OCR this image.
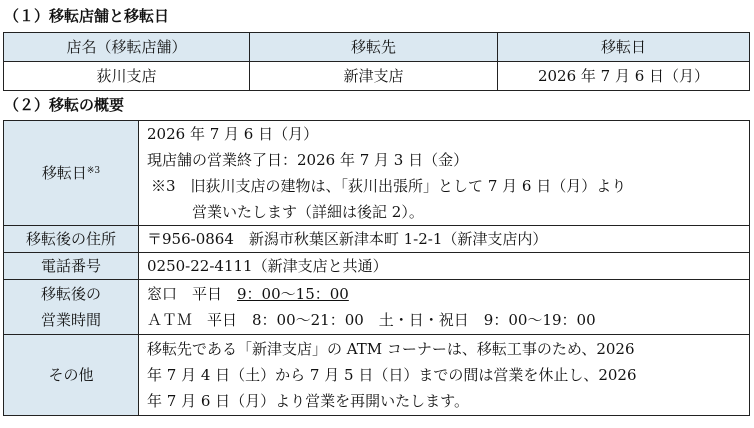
（１）移転店舗と移転日
店名（移転店舗）	移転先	移転日
荻川支店	新津支店	2026 年 7 月 6 日（月）
（２）移転の概要
移転日$^{※3}$	2026 年 7 月 6 日（月）
現店舗の営業終了日：2026 年 7 月 3 日（金）
※3　旧荻川支店の建物は、「荻川出張所」として 7 月 6 日（月）より
営業いたします（詳細は後記 2）。

移転後の住所	〒956-0864　新潟市秋葉区新津本町 1-2-1（新津支店内）
電話番号	0250-22-4111（新津支店と共通）

移転後の
営業時間	窓口　平日　9：00～15：00
ＡＴＭ　平日　8：00～21：00　土・日・祝日　9：00～19：00

その他	移転先である「新津支店」の ATM コーナーは、移転工事のため、2026
年 7 月 4 日（土）から 7 月 5 日（日）までの間は営業を休止し、2026
年 7 月 6 日（月）より営業を再開いたします。
